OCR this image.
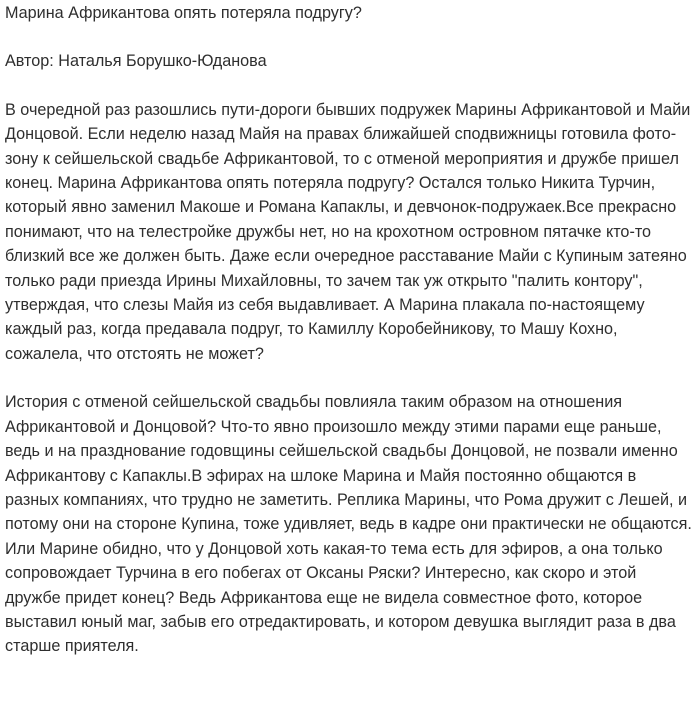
Марина Африкантова опять потеряла подругу?
Автор: Наталья Борушко-Юданова
В очередной раз разошлись пути-дороги бывших подружек Марины Африкантовой и Майи Донцовой. Если неделю назад Майя на правах ближайшей сподвижницы готовила фото-зону к сейшельской свадьбе Африкантовой, то с отменой мероприятия и дружбе пришел конец. Марина Африкантова опять потеряла подругу? Остался только Никита Турчин, который явно заменил Макоше и Романа Капаклы, и девчонок-подружаек.Все прекрасно понимают, что на телестройке дружбы нет, но на крохотном островном пятачке кто-то близкий все же должен быть. Даже если очередное расставание Майи с Купиным затеяно только ради приезда Ирины Михайловны, то зачем так уж открыто "палить контору", утверждая, что слезы Майя из себя выдавливает. А Марина плакала по-настоящему каждый раз, когда предавала подруг, то Камиллу Коробейникову, то Машу Кохно, сожалела, что отстоять не может?
История с отменой сейшельской свадьбы повлияла таким образом на отношения Африкантовой и Донцовой? Что-то явно произошло между этими парами еще раньше, ведь и на празднование годовщины сейшельской свадьбы Донцовой, не позвали именно Африкантову с Капаклы.В эфирах на шлоке Марина и Майя постоянно общаются в разных компаниях, что трудно не заметить. Реплика Марины, что Рома дружит с Лешей, и потому они на стороне Купина, тоже удивляет, ведь в кадре они практически не общаются. Или Марине обидно, что у Донцовой хоть какая-то тема есть для эфиров, а она только сопровождает Турчина в его побегах от Оксаны Ряски? Интересно, как скоро и этой дружбе придет конец? Ведь Африкантова еще не видела совместное фото, которое выставил юный маг, забыв его отредактировать, и котором девушка выглядит раза в два старше приятеля.
